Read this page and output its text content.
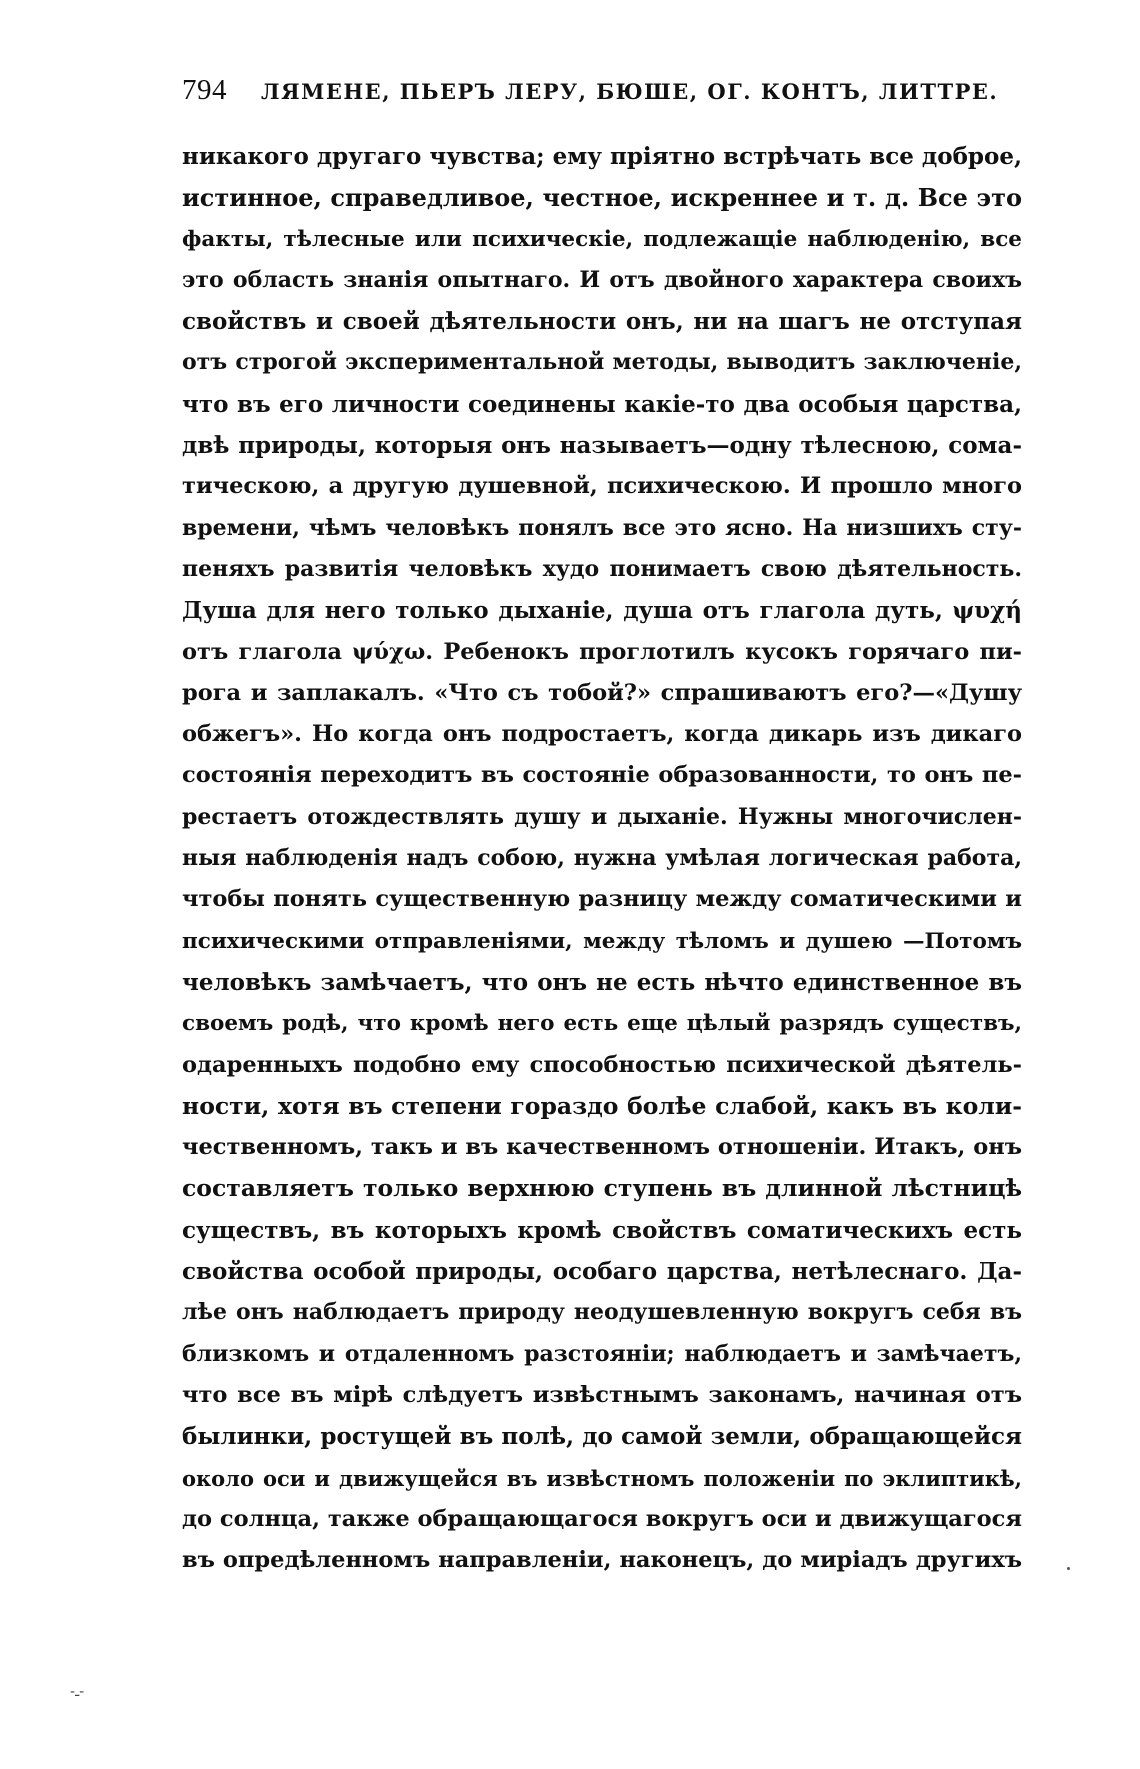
794 ЛЯМЕНЕ, ПЬЕРЪ ЛЕРУ, БЮШЕ, ОГ. КОНТЪ, ЛИТТРЕ.
никакого другаго чувства; ему пріятно встрѣчать все доброе,
истинное, справедливое, честное, искреннее и т. д. Все это
факты, тѣлесные или психическіе, подлежащіе наблюденію, все
это область знанія опытнаго. И отъ двойного характера своихъ
свойствъ и своей дѣятельности онъ, ни на шагъ не отступая
отъ строгой экспериментальной методы, выводитъ заключеніе,
что въ его личности соединены какіе-то два особыя царства,
двѣ природы, которыя онъ называетъ—одну тѣлесною, сома-
тическою, а другую душевной, психическою. И прошло много
времени, чѣмъ человѣкъ понялъ все это ясно. На низшихъ сту-
пеняхъ развитія человѣкъ худо понимаетъ свою дѣятельность.
Душа для него только дыханіе, душа отъ глагола дуть, ψυχή
отъ глагола ψύχω. Ребенокъ проглотилъ кусокъ горячаго пи-
рога и заплакалъ. «Что съ тобой?» спрашиваютъ его?—«Душу
обжегъ». Но когда онъ подростаетъ, когда дикарь изъ дикаго
состоянія переходитъ въ состояніе образованности, то онъ пе-
рестаетъ отождествлять душу и дыханіе. Нужны многочислен-
ныя наблюденія надъ собою, нужна умѣлая логическая работа,
чтобы понять существенную разницу между соматическими и
психическими отправленіями, между тѣломъ и душею —Потомъ
человѣкъ замѣчаетъ, что онъ не есть нѣчто единственное въ
своемъ родѣ, что кромѣ него есть еще цѣлый разрядъ существъ,
одаренныхъ подобно ему способностью психической дѣятель-
ности, хотя въ степени гораздо болѣе слабой, какъ въ коли-
чественномъ, такъ и въ качественномъ отношеніи. Итакъ, онъ
составляетъ только верхнюю ступень въ длинной лѣстницѣ
существъ, въ которыхъ кромѣ свойствъ соматическихъ есть
свойства особой природы, особаго царства, нетѣлеснаго. Да-
лѣе онъ наблюдаетъ природу неодушевленную вокругъ себя въ
близкомъ и отдаленномъ разстояніи; наблюдаетъ и замѣчаетъ,
что все въ мірѣ слѣдуетъ извѣстнымъ законамъ, начиная отъ
былинки, ростущей въ полѣ, до самой земли, обращающейся
около оси и движущейся въ извѣстномъ положеніи по эклиптикѣ,
до солнца, также обращающагося вокругъ оси и движущагося
въ опредѣленномъ направленіи, наконецъ, до миріадъ другихъ
-ـ-
